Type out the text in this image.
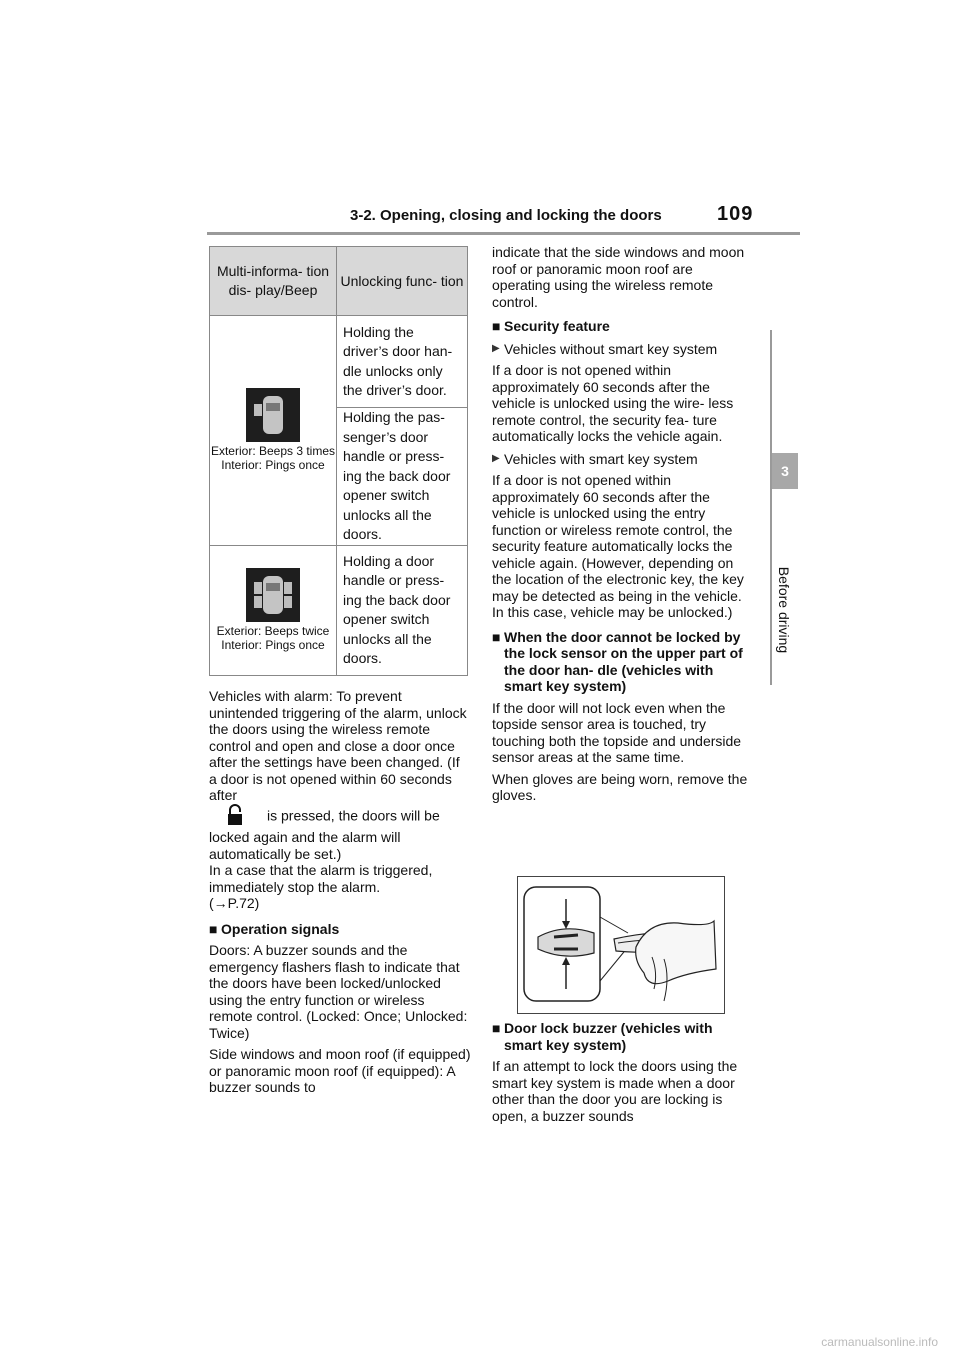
3-2. Opening, closing and locking the doors	109
3
Before driving
Multi-informa- tion dis- play/Beep	Unlocking func- tion

Exterior: Beeps 3 times Interior: Pings once	Holding the driver’s door han- dle unlocks only the driver’s door.
	Holding the pas- senger’s door handle or press- ing the back door opener switch unlocks all the doors.

Exterior: Beeps twice Interior: Pings once	Holding a door handle or press- ing the back door opener switch unlocks all the doors.

Vehicles with alarm: To prevent unintended triggering of the alarm, unlock the doors using the wireless remote control and open and close a door once after the settings have been changed. (If a door is not opened within 60 seconds after
is pressed, the doors will be locked again and the alarm will automatically be set.)
In a case that the alarm is triggered, immediately stop the alarm.
(→P.72)

■ Operation signals

Doors: A buzzer sounds and the emergency flashers flash to indicate that the doors have been locked/unlocked using the entry function or wireless remote control. (Locked: Once; Unlocked: Twice)

Side windows and moon roof (if equipped) or panoramic moon roof (if equipped): A buzzer sounds to

indicate that the side windows and moon roof or panoramic moon roof are operating using the wireless remote control.

■ Security feature

▶ Vehicles without smart key system

If a door is not opened within approximately 60 seconds after the vehicle is unlocked using the wire- less remote control, the security fea- ture automatically locks the vehicle again.

▶ Vehicles with smart key system

If a door is not opened within approximately 60 seconds after the vehicle is unlocked using the entry function or wireless remote control, the security feature automatically locks the vehicle again. (However, depending on the location of the electronic key, the key may be detected as being in the vehicle. In this case, vehicle may be unlocked.)

■ When the door cannot be locked by the lock sensor on the upper part of the door han- dle (vehicles with smart key system)

If the door will not lock even when the topside sensor area is touched, try touching both the topside and underside sensor areas at the same time.

When gloves are being worn, remove the gloves.

■ Door lock buzzer (vehicles with smart key system)

If an attempt to lock the doors using the smart key system is made when a door other than the door you are locking is open, a buzzer sounds

carmanualsonline.info
